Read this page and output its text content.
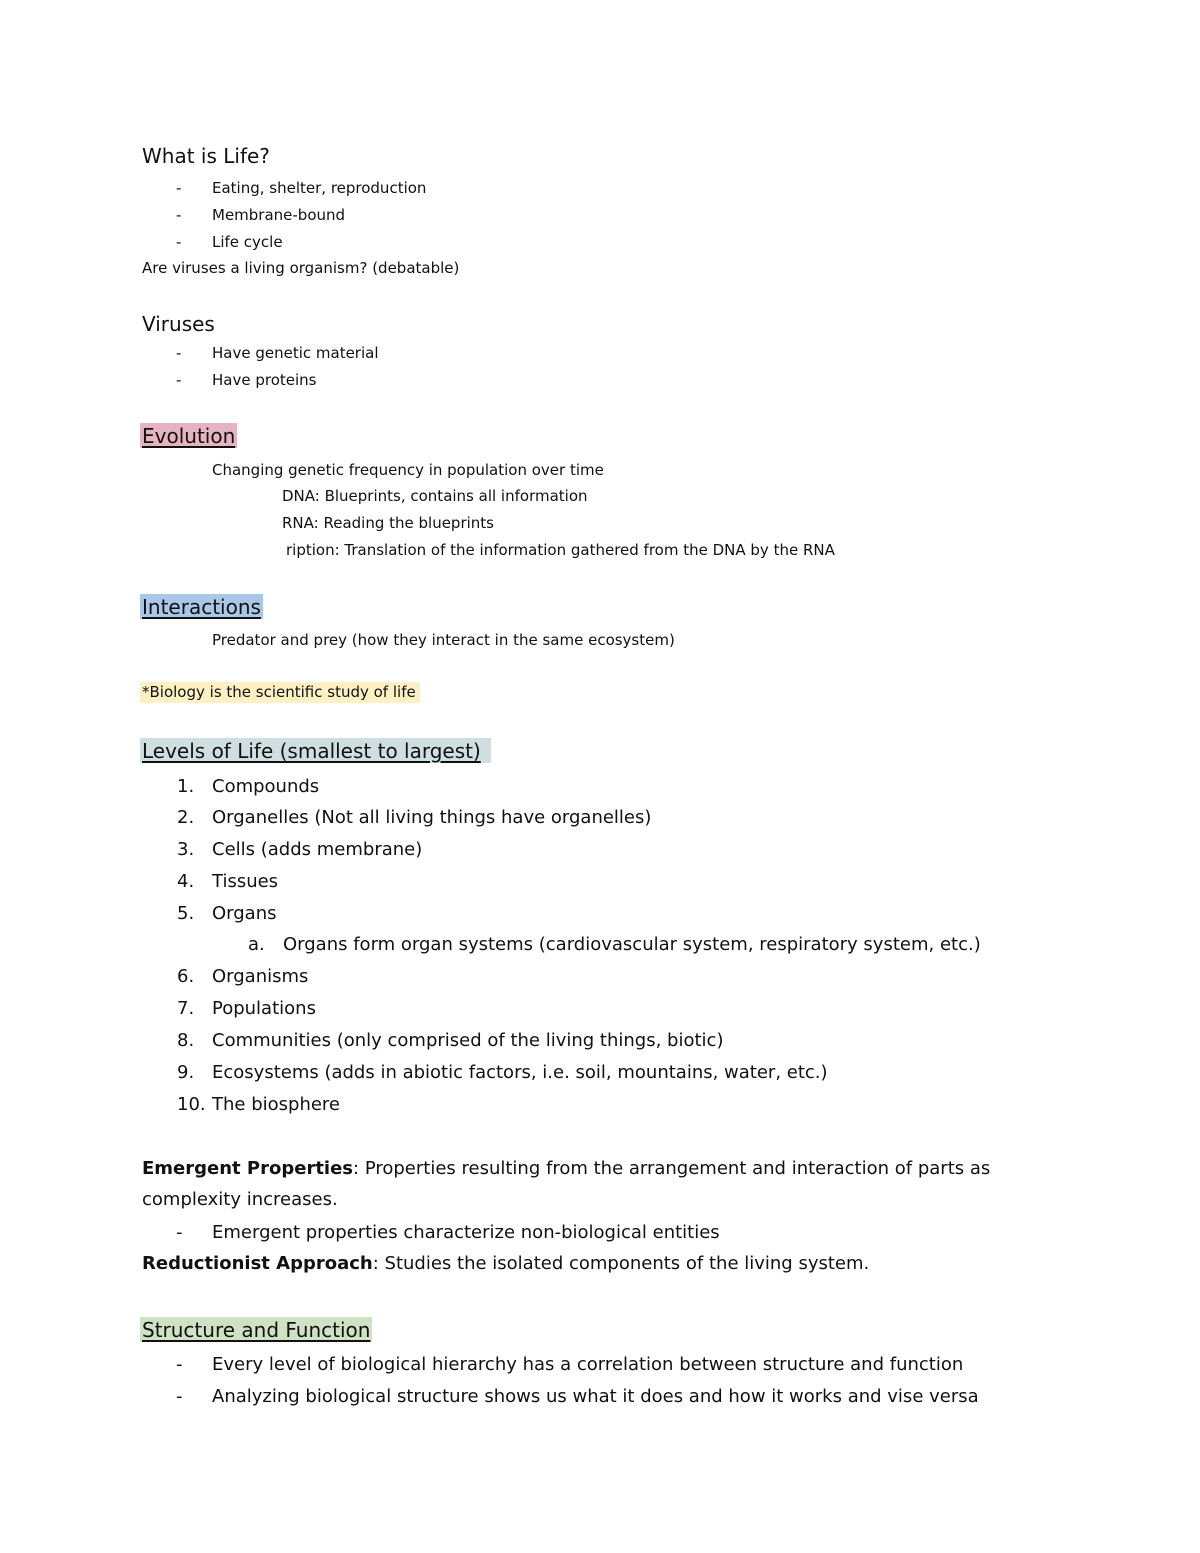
What is Life?
- Eating, shelter, reproduction
- Membrane-bound
- Life cycle
Are viruses a living organism? (debatable)
Viruses
- Have genetic material
- Have proteins
Evolution
Changing genetic frequency in population over time
DNA: Blueprints, contains all information
RNA: Reading the blueprints
ription: Translation of the information gathered from the DNA by the RNA
Interactions
Predator and prey (how they interact in the same ecosystem)
*Biology is the scientific study of life
Levels of Life (smallest to largest)
1. Compounds
2. Organelles (Not all living things have organelles)
3. Cells (adds membrane)
4. Tissues
5. Organs
a. Organs form organ systems (cardiovascular system, respiratory system, etc.)
6. Organisms
7. Populations
8. Communities (only comprised of the living things, biotic)
9. Ecosystems (adds in abiotic factors, i.e. soil, mountains, water, etc.)
10. The biosphere
Emergent Properties: Properties resulting from the arrangement and interaction of parts as
complexity increases.
- Emergent properties characterize non-biological entities
Reductionist Approach: Studies the isolated components of the living system.
Structure and Function
- Every level of biological hierarchy has a correlation between structure and function
- Analyzing biological structure shows us what it does and how it works and vise versa
